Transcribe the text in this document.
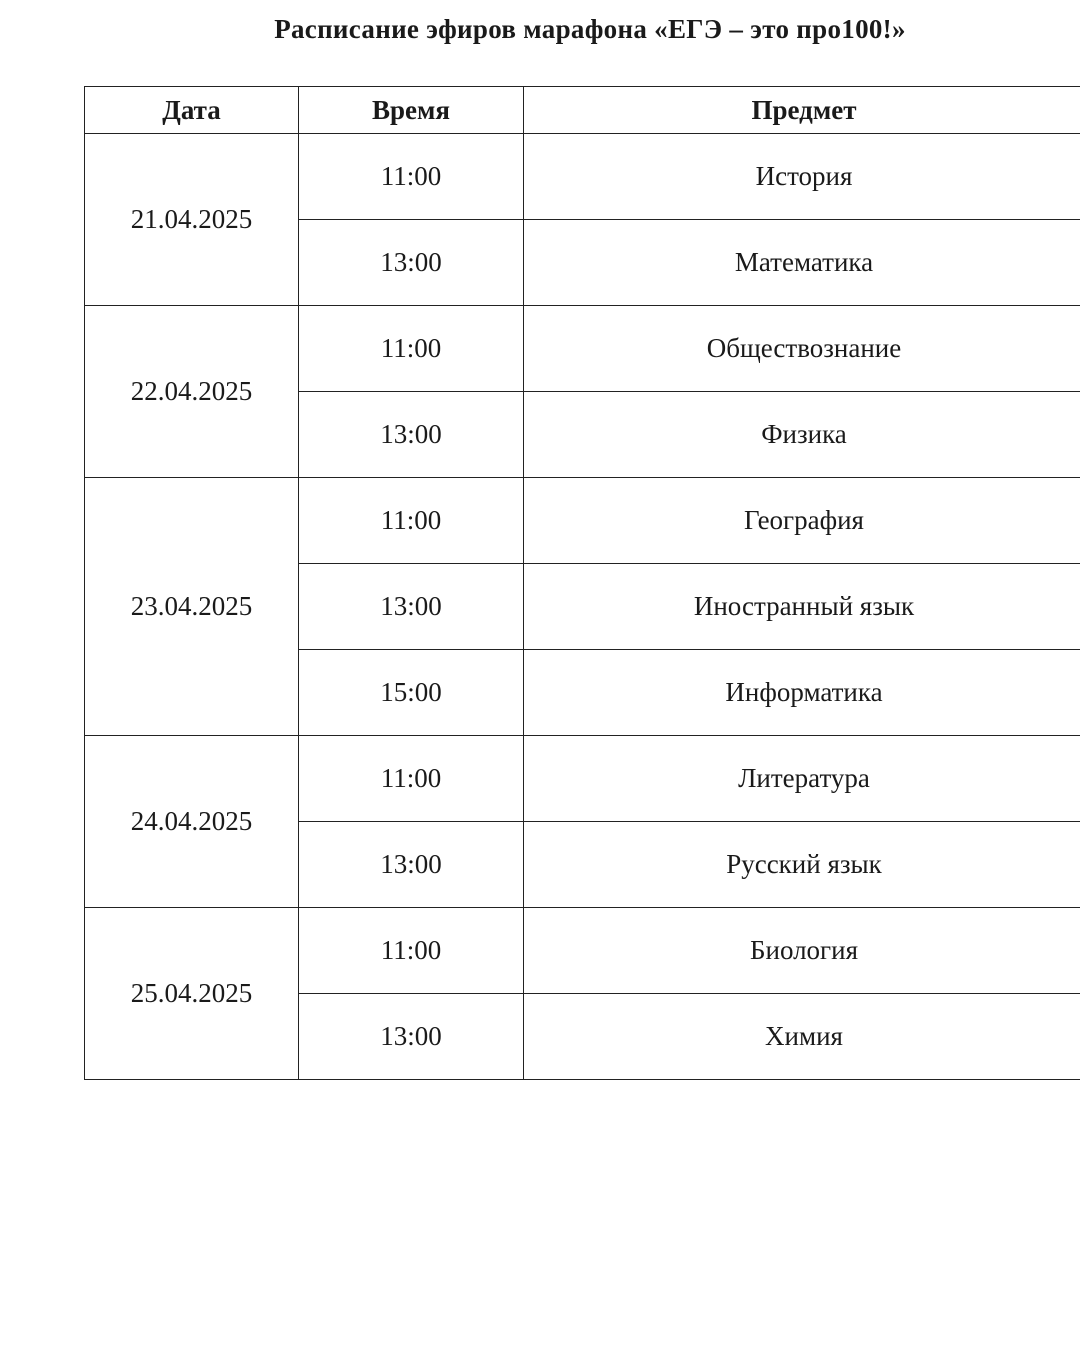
Расписание эфиров марафона «ЕГЭ – это про100!»
Дата	Время	Предмет
21.04.2025	11:00	История
	13:00	Математика
22.04.2025	11:00	Обществознание
	13:00	Физика
23.04.2025	11:00	География
	13:00	Иностранный язык
	15:00	Информатика
24.04.2025	11:00	Литература
	13:00	Русский язык
25.04.2025	11:00	Биология
	13:00	Химия
